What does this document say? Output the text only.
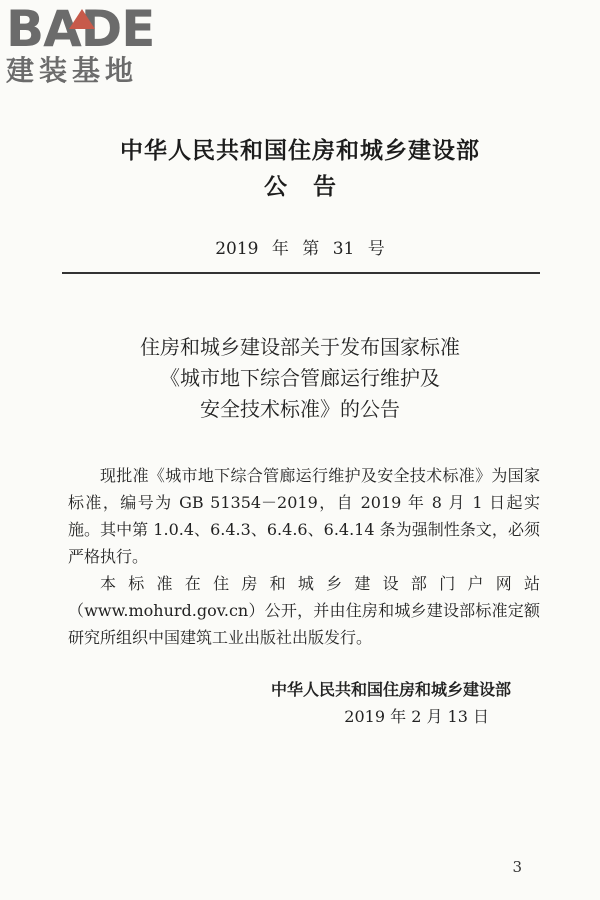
BADE
建装基地
中华人民共和国住房和城乡建设部
公告
2019 年 第 31 号
住房和城乡建设部关于发布国家标准
《城市地下综合管廊运行维护及
安全技术标准》的公告

现批准《城市地下综合管廊运行维护及安全技术标准》为国家标准，编号为 GB 51354－2019，自 2019 年 8 月 1 日起实施。其中第 1.0.4、6.4.3、6.4.6、6.4.14 条为强制性条文，必须严格执行。

本标准在住房和城乡建设部门户网站（www.mohurd.gov.cn）公开，并由住房和城乡建设部标准定额研究所组织中国建筑工业出版社出版发行。

中华人民共和国住房和城乡建设部
2019 年 2 月 13 日
3
